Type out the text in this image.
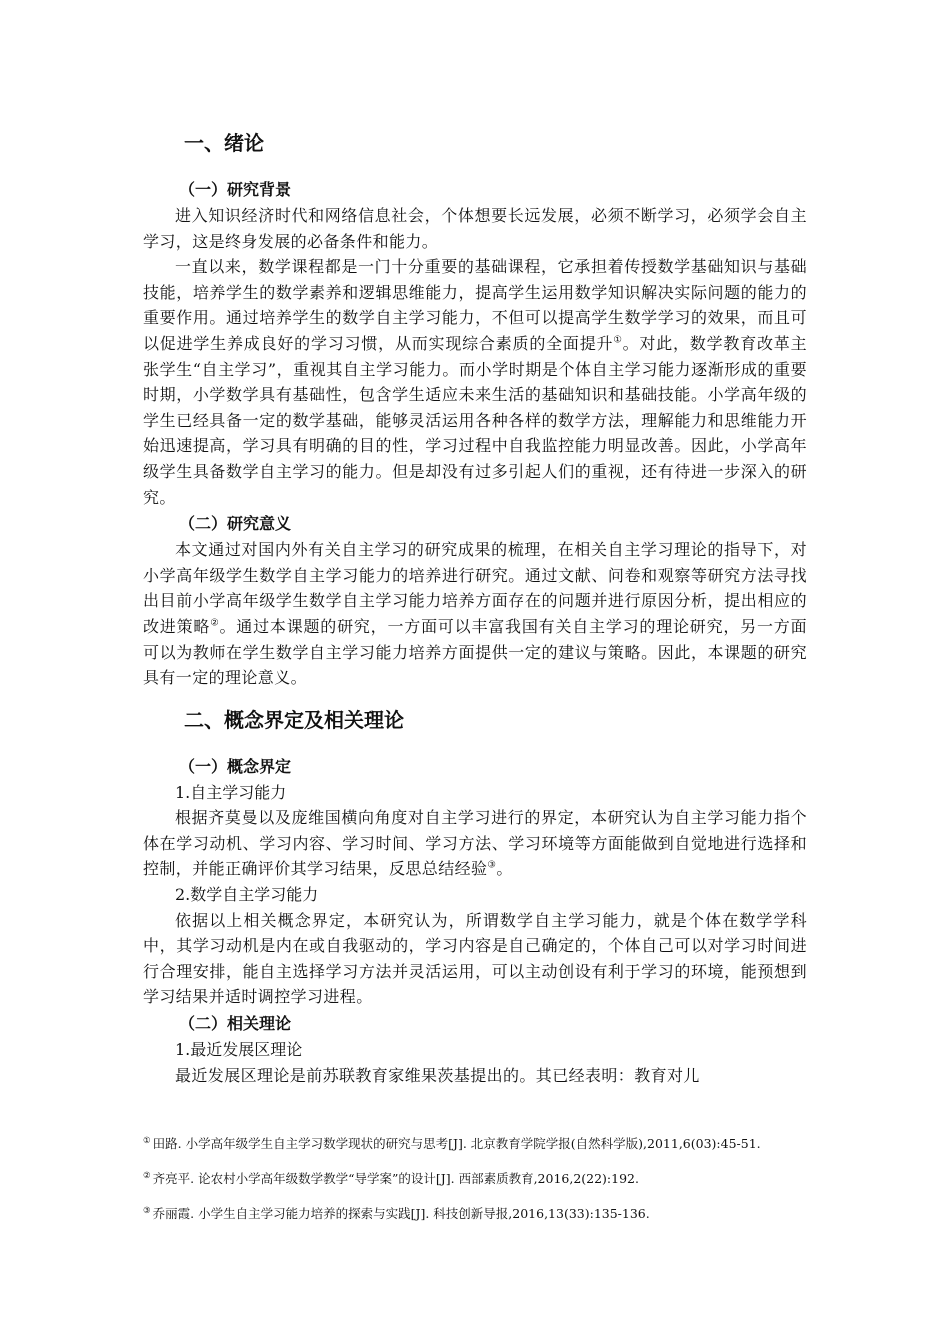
一、绪论
（一）研究背景

进入知识经济时代和网络信息社会，个体想要长远发展，必须不断学习，必须学会自主学习，这是终身发展的必备条件和能力。

一直以来，数学课程都是一门十分重要的基础课程，它承担着传授数学基础知识与基础技能，培养学生的数学素养和逻辑思维能力，提高学生运用数学知识解决实际问题的能力的重要作用。通过培养学生的数学自主学习能力，不但可以提高学生数学学习的效果，而且可以促进学生养成良好的学习习惯，从而实现综合素质的全面提升①。对此，数学教育改革主张学生“自主学习”，重视其自主学习能力。而小学时期是个体自主学习能力逐渐形成的重要时期，小学数学具有基础性，包含学生适应未来生活的基础知识和基础技能。小学高年级的学生已经具备一定的数学基础，能够灵活运用各种各样的数学方法，理解能力和思维能力开始迅速提高，学习具有明确的目的性，学习过程中自我监控能力明显改善。因此，小学高年级学生具备数学自主学习的能力。但是却没有过多引起人们的重视，还有待进一步深入的研究。

（二）研究意义

本文通过对国内外有关自主学习的研究成果的梳理，在相关自主学习理论的指导下，对小学高年级学生数学自主学习能力的培养进行研究。通过文献、问卷和观察等研究方法寻找出目前小学高年级学生数学自主学习能力培养方面存在的问题并进行原因分析，提出相应的改进策略②。通过本课题的研究，一方面可以丰富我国有关自主学习的理论研究，另一方面可以为教师在学生数学自主学习能力培养方面提供一定的建议与策略。因此，本课题的研究具有一定的理论意义。

二、概念界定及相关理论
（一）概念界定
1.自主学习能力

根据齐莫曼以及庞维国横向角度对自主学习进行的界定，本研究认为自主学习能力指个体在学习动机、学习内容、学习时间、学习方法、学习环境等方面能做到自觉地进行选择和控制，并能正确评价其学习结果，反思总结经验③。

2.数学自主学习能力

依据以上相关概念界定，本研究认为，所谓数学自主学习能力，就是个体在数学学科中，其学习动机是内在或自我驱动的，学习内容是自己确定的，个体自己可以对学习时间进行合理安排，能自主选择学习方法并灵活运用，可以主动创设有利于学习的环境，能预想到学习结果并适时调控学习进程。

（二）相关理论
1.最近发展区理论

最近发展区理论是前苏联教育家维果茨基提出的。其已经表明：教育对儿

① 田路. 小学高年级学生自主学习数学现状的研究与思考[J]. 北京教育学院学报(自然科学版),2011,6(03):45-51.
② 齐亮平. 论农村小学高年级数学教学“导学案”的设计[J]. 西部素质教育,2016,2(22):192.
③ 乔丽霞. 小学生自主学习能力培养的探索与实践[J]. 科技创新导报,2016,13(33):135-136.
